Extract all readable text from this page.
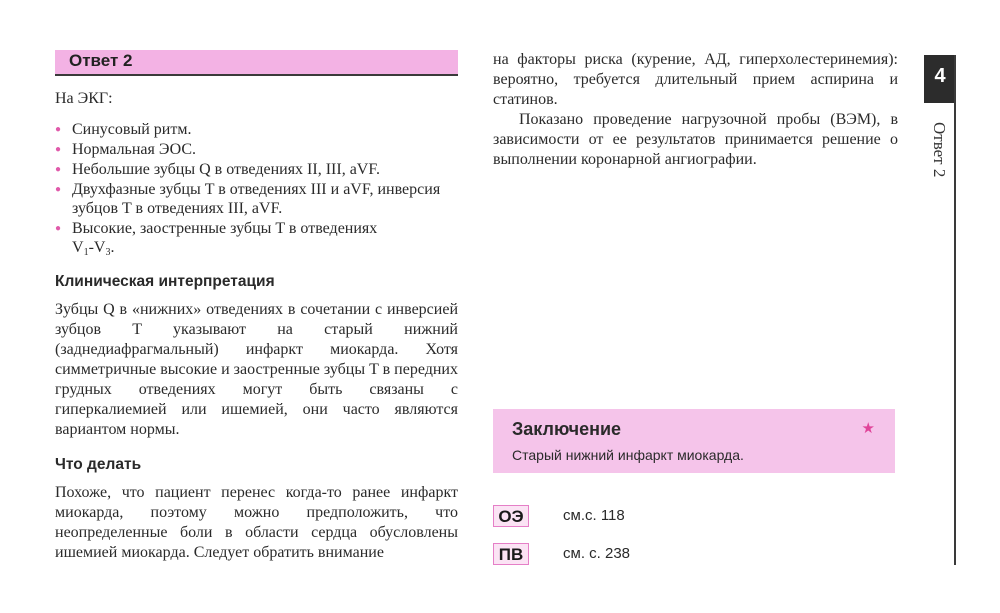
Ответ 2
На ЭКГ:
● Синусовый ритм.
● Нормальная ЭОС.
● Небольшие зубцы Q в отведениях II, III, aVF.
● Двухфазные зубцы T в отведениях III и aVF, инверсия зубцов T в отведениях III, aVF.
● Высокие, заостренные зубцы T в отведениях
$V_1-V_3$.
Клиническая интерпретация

Зубцы Q в «нижних» отведениях в сочетании с инверсией зубцов T указывают на старый нижний (заднедиафрагмальный) инфаркт миокарда. Хотя симметричные высокие и заостренные зубцы T в передних грудных отведениях могут быть связаны с гиперкалиемией или ишемией, они часто являются вариантом нормы.

Что делать

Похоже, что пациент перенес когда-то ранее инфаркт миокарда, поэтому можно предположить, что неопределенные боли в области сердца обусловлены ишемией миокарда. Следует обратить внимание

на факторы риска (курение, АД, гиперхолестеринемия): вероятно, требуется длительный прием аспирина и статинов.

Показано проведение нагрузочной пробы (ВЭМ), в зависимости от ее результатов принимается решение о выполнении коронарной ангиографии.

Заключение
Старый нижний инфаркт миокарда.
★
ОЭ	см.с. 118
ПВ	см. с. 238
4
Ответ 2
